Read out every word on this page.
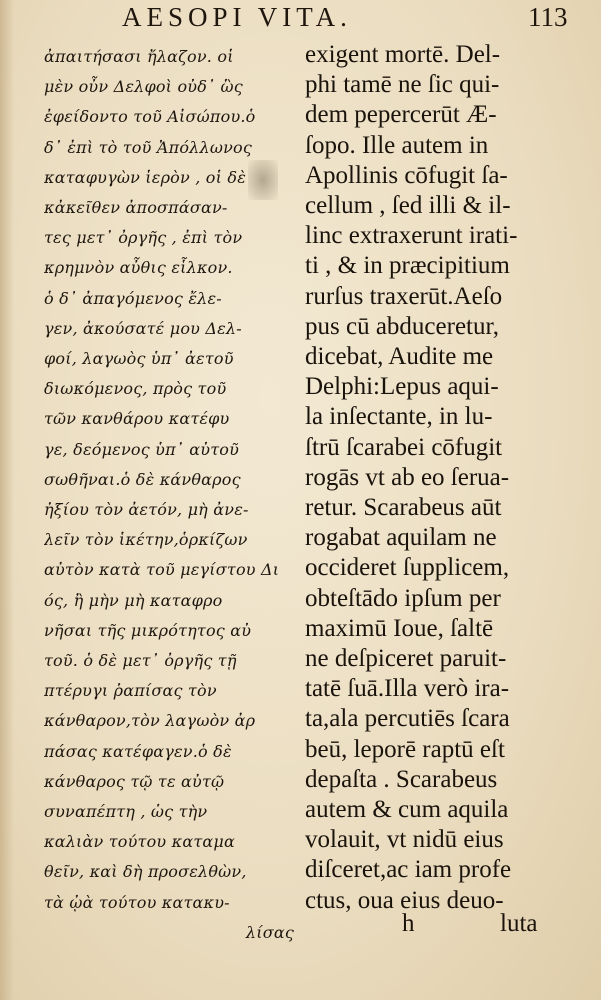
AESOPI VITA.	113
ἀπαιτήσασι ἤλαζον. οἱ
μὲν οὖν Δελφοὶ οὐδ᾽ ὣς
ἐφείδοντο τοῦ Αἰσώπου.ὁ
δ᾽ ἐπὶ τὸ τοῦ Ἀπόλλωνος
καταφυγὼν ἱερὸν , οἱ δὲ
κἀκεῖθεν ἀποσπάσαν-
τες μετ᾽ ὀργῆς , ἐπὶ τὸν
κρημνὸν αὖθις εἷλκον.
ὁ δ᾽ ἀπαγόμενος ἔλε-
γεν, ἀκούσατέ μου Δελ-
φοί, λαγωὸς ὑπ᾽ ἀετοῦ
διωκόμενος, πρὸς τοῦ
τῶν κανθάρου κατέφυ
γε, δεόμενος ὑπ᾽ αὐτοῦ
σωθῆναι.ὁ δὲ κάνθαρος
ἠξίου τὸν ἀετόν, μὴ ἀνε-
λεῖν τὸν ἱκέτην,ὁρκίζων
αὐτὸν κατὰ τοῦ μεγίστου Δι
ός, ἢ μὴν μὴ καταφρο
νῆσαι τῆς μικρότητος αὐ
τοῦ. ὁ δὲ μετ᾽ ὀργῆς τῇ
πτέρυγι ῥαπίσας τὸν
κάνθαρον,τὸν λαγωὸν ἀρ
πάσας κατέφαγεν.ὁ δὲ
κάνθαρος τῷ τε αὐτῷ
συναπέπτη , ὡς τὴν
καλιὰν τούτου καταμα
θεῖν, καὶ δὴ προσελθὼν,
τὰ ᾠὰ τούτου κατακυ-
λίσας
exigent mortē. Del-
phi tamē ne ſic qui-
dem pepercerūt Æ-
ſopo. Ille autem in
Apollinis cōfugit ſa-
cellum , ſed illi & il-
linc extraxerunt irati-
ti , & in præcipitium
rurſus traxerūt.Aeſo
pus cū abduceretur,
dicebat, Audite me
Delphi:Lepus aqui-
la inſectante, in lu-
ſtrū ſcarabei cōfugit
rogās vt ab eo ſerua-
retur. Scarabeus aūt
rogabat aquilam ne
occideret ſupplicem,
obteſtādo ipſum per
maximū Ioue, ſaltē
ne deſpiceret paruit-
tatē ſuā.Illa verò ira-
ta,ala percutiēs ſcara
beū, leporē raptū eſt
depaſta . Scarabeus
autem & cum aquila
volauit, vt nidū eius
diſceret,ac iam profe
ctus, oua eius deuo-
h	luta
